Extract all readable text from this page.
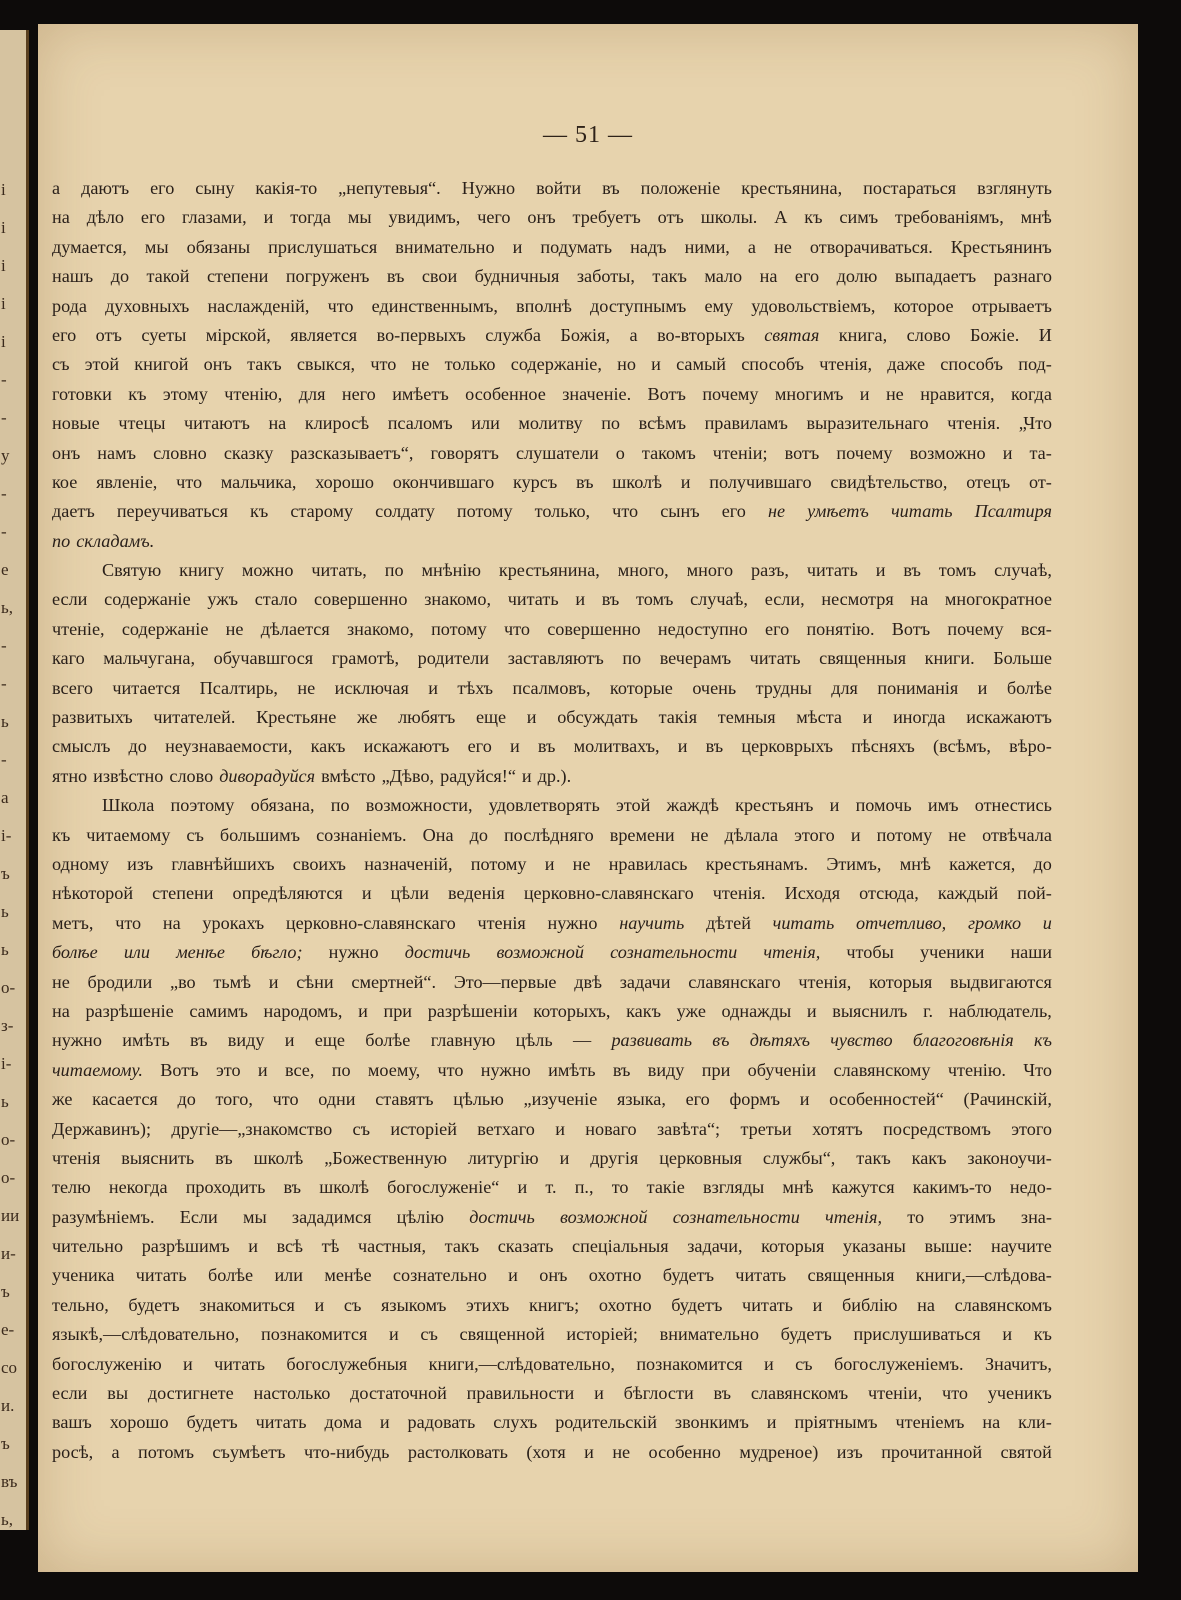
і
і
і
і
і
-
-
у
-
-
е
ь,
-
-
ь
-
а
і-
ъ
ь
ь
о-
з-
і-
ь
о-
о-
ии
и-
ъ
е-
со
и.
ъ
въ
ь,
— 51 —
а даютъ его сыну какія-то „непутевыя“. Нужно войти въ положеніе крестьянина, постараться взглянуть
на дѣло его глазами, и тогда мы увидимъ, чего онъ требуетъ отъ школы. А къ симъ требованіямъ, мнѣ
думается, мы обязаны прислушаться внимательно и подумать надъ ними, а не отворачиваться. Крестьянинъ
нашъ до такой степени погруженъ въ свои будничныя заботы, такъ мало на его долю выпадаетъ разнаго
рода духовныхъ наслажденій, что единственнымъ, вполнѣ доступнымъ ему удовольствіемъ, которое отрываетъ
его отъ суеты мірской, является во-первыхъ служба Божія, а во-вторыхъ святая книга, слово Божіе. И
съ этой книгой онъ такъ свыкся, что не только содержаніе, но и самый способъ чтенія, даже способъ под-
готовки къ этому чтенію, для него имѣетъ особенное значеніе. Вотъ почему многимъ и не нравится, когда
новые чтецы читаютъ на клиросѣ псаломъ или молитву по всѣмъ правиламъ выразительнаго чтенія. „Что
онъ намъ словно сказку разсказываетъ“, говорятъ слушатели о такомъ чтеніи; вотъ почему возможно и та-
кое явленіе, что мальчика, хорошо окончившаго курсъ въ школѣ и получившаго свидѣтельство, отецъ от-
даетъ переучиваться къ старому солдату потому только, что сынъ его не умѣетъ читать Псалтиря
по складамъ.
Святую книгу можно читать, по мнѣнію крестьянина, много, много разъ, читать и въ томъ случаѣ,
если содержаніе ужъ стало совершенно знакомо, читать и въ томъ случаѣ, если, несмотря на многократное
чтеніе, содержаніе не дѣлается знакомо, потому что совершенно недоступно его понятію. Вотъ почему вся-
каго мальчугана, обучавшгося грамотѣ, родители заставляютъ по вечерамъ читать священныя книги. Больше
всего читается Псалтирь, не исключая и тѣхъ псалмовъ, которые очень трудны для пониманія и болѣе
развитыхъ читателей. Крестьяне же любятъ еще и обсуждать такія темныя мѣста и иногда искажаютъ
смыслъ до неузнаваемости, какъ искажаютъ его и въ молитвахъ, и въ церковрыхъ пѣсняхъ (всѣмъ, вѣро-
ятно извѣстно слово диворадуйся вмѣсто „Дѣво, радуйся!“ и др.).
Школа поэтому обязана, по возможности, удовлетворять этой жаждѣ крестьянъ и помочь имъ отнестись
къ читаемому съ большимъ сознаніемъ. Она до послѣдняго времени не дѣлала этого и потому не отвѣчала
одному изъ главнѣйшихъ своихъ назначеній, потому и не нравилась крестьянамъ. Этимъ, мнѣ кажется, до
нѣкоторой степени опредѣляются и цѣли веденія церковно-славянскаго чтенія. Исходя отсюда, каждый пой-
метъ, что на урокахъ церковно-славянскаго чтенія нужно научить дѣтей читать отчетливо, громко и
болѣе или менѣе бѣгло; нужно достичь возможной сознательности чтенія, чтобы ученики наши
не бродили „во тьмѣ и сѣни смертней“. Это—первые двѣ задачи славянскаго чтенія, которыя выдвигаются
на разрѣшеніе самимъ народомъ, и при разрѣшеніи которыхъ, какъ уже однажды и выяснилъ г. наблюдатель,
нужно имѣть въ виду и еще болѣе главную цѣль — развивать въ дѣтяхъ чувство благоговѣнія къ
читаемому. Вотъ это и все, по моему, что нужно имѣть въ виду при обученіи славянскому чтенію. Что
же касается до того, что одни ставятъ цѣлью „изученіе языка, его формъ и особенностей“ (Рачинскій,
Державинъ); другіе—„знакомство съ исторіей ветхаго и новаго завѣта“; третьи хотятъ посредствомъ этого
чтенія выяснить въ школѣ „Божественную литургію и другія церковныя службы“, такъ какъ законоучи-
телю некогда проходить въ школѣ богослуженіе“ и т. п., то такіе взгляды мнѣ кажутся какимъ-то недо-
разумѣніемъ. Если мы зададимся цѣлію достичь возможной сознательности чтенія, то этимъ зна-
чительно разрѣшимъ и всѣ тѣ частныя, такъ сказать спеціальныя задачи, которыя указаны выше: научите
ученика читать болѣе или менѣе сознательно и онъ охотно будетъ читать священныя книги,—слѣдова-
тельно, будетъ знакомиться и съ языкомъ этихъ книгъ; охотно будетъ читать и библію на славянскомъ
языкѣ,—слѣдовательно, познакомится и съ священной исторіей; внимательно будетъ прислушиваться и къ
богослуженію и читать богослужебныя книги,—слѣдовательно, познакомится и съ богослуженіемъ. Значитъ,
если вы достигнете настолько достаточной правильности и бѣглости въ славянскомъ чтеніи, что ученикъ
вашъ хорошо будетъ читать дома и радовать слухъ родительскій звонкимъ и пріятнымъ чтеніемъ на кли-
росѣ, а потомъ съумѣетъ что-нибудь растолковать (хотя и не особенно мудреное) изъ прочитанной святой
